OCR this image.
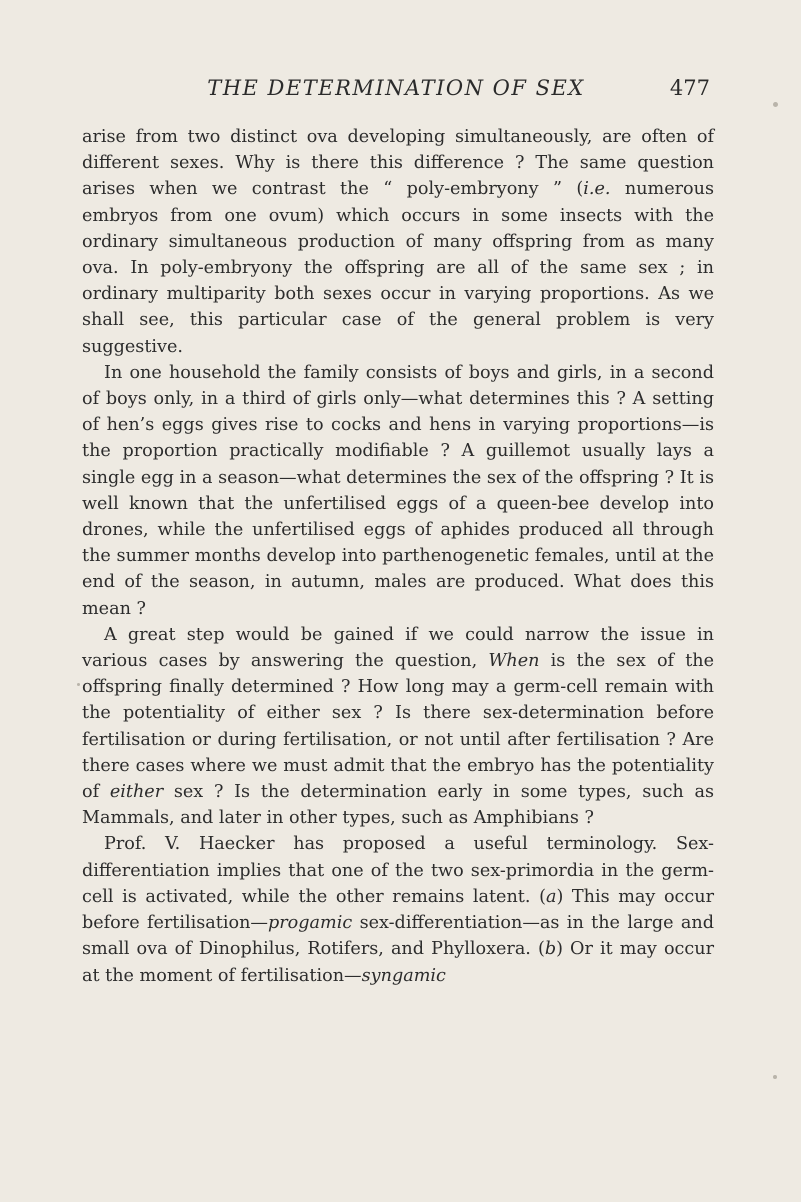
THE DETERMINATION OF SEX	477

arise from two distinct ova developing simultaneously, are often of different sexes. Why is there this difference ? The same question arises when we contrast the “ poly-embryony ” (i.e. numerous embryos from one ovum) which occurs in some insects with the ordinary simultaneous production of many offspring from as many ova. In poly-embryony the offspring are all of the same sex ; in ordinary multiparity both sexes occur in varying proportions. As we shall see, this particular case of the general problem is very suggestive.

In one household the family consists of boys and girls, in a second of boys only, in a third of girls only—what determines this ? A setting of hen’s eggs gives rise to cocks and hens in varying proportions—is the proportion practically modifiable ? A guillemot usually lays a single egg in a season—what determines the sex of the offspring ? It is well known that the unfertilised eggs of a queen-bee develop into drones, while the unfertilised eggs of aphides produced all through the summer months develop into parthenogenetic females, until at the end of the season, in autumn, males are produced. What does this mean ?

A great step would be gained if we could narrow the issue in various cases by answering the question, When is the sex of the offspring finally determined ? How long may a germ-cell remain with the potentiality of either sex ? Is there sex-determination before fertilisation or during fertilisation, or not until after fertilisation ? Are there cases where we must admit that the embryo has the potentiality of either sex ? Is the determination early in some types, such as Mammals, and later in other types, such as Amphibians ?

Prof. V. Haecker has proposed a useful terminology. Sex-differentiation implies that one of the two sex-primordia in the germ-cell is activated, while the other remains latent. (a) This may occur before fertilisation—progamic sex-differentiation—as in the large and small ova of Dinophilus, Rotifers, and Phylloxera. (b) Or it may occur at the moment of fertilisation—syngamic
